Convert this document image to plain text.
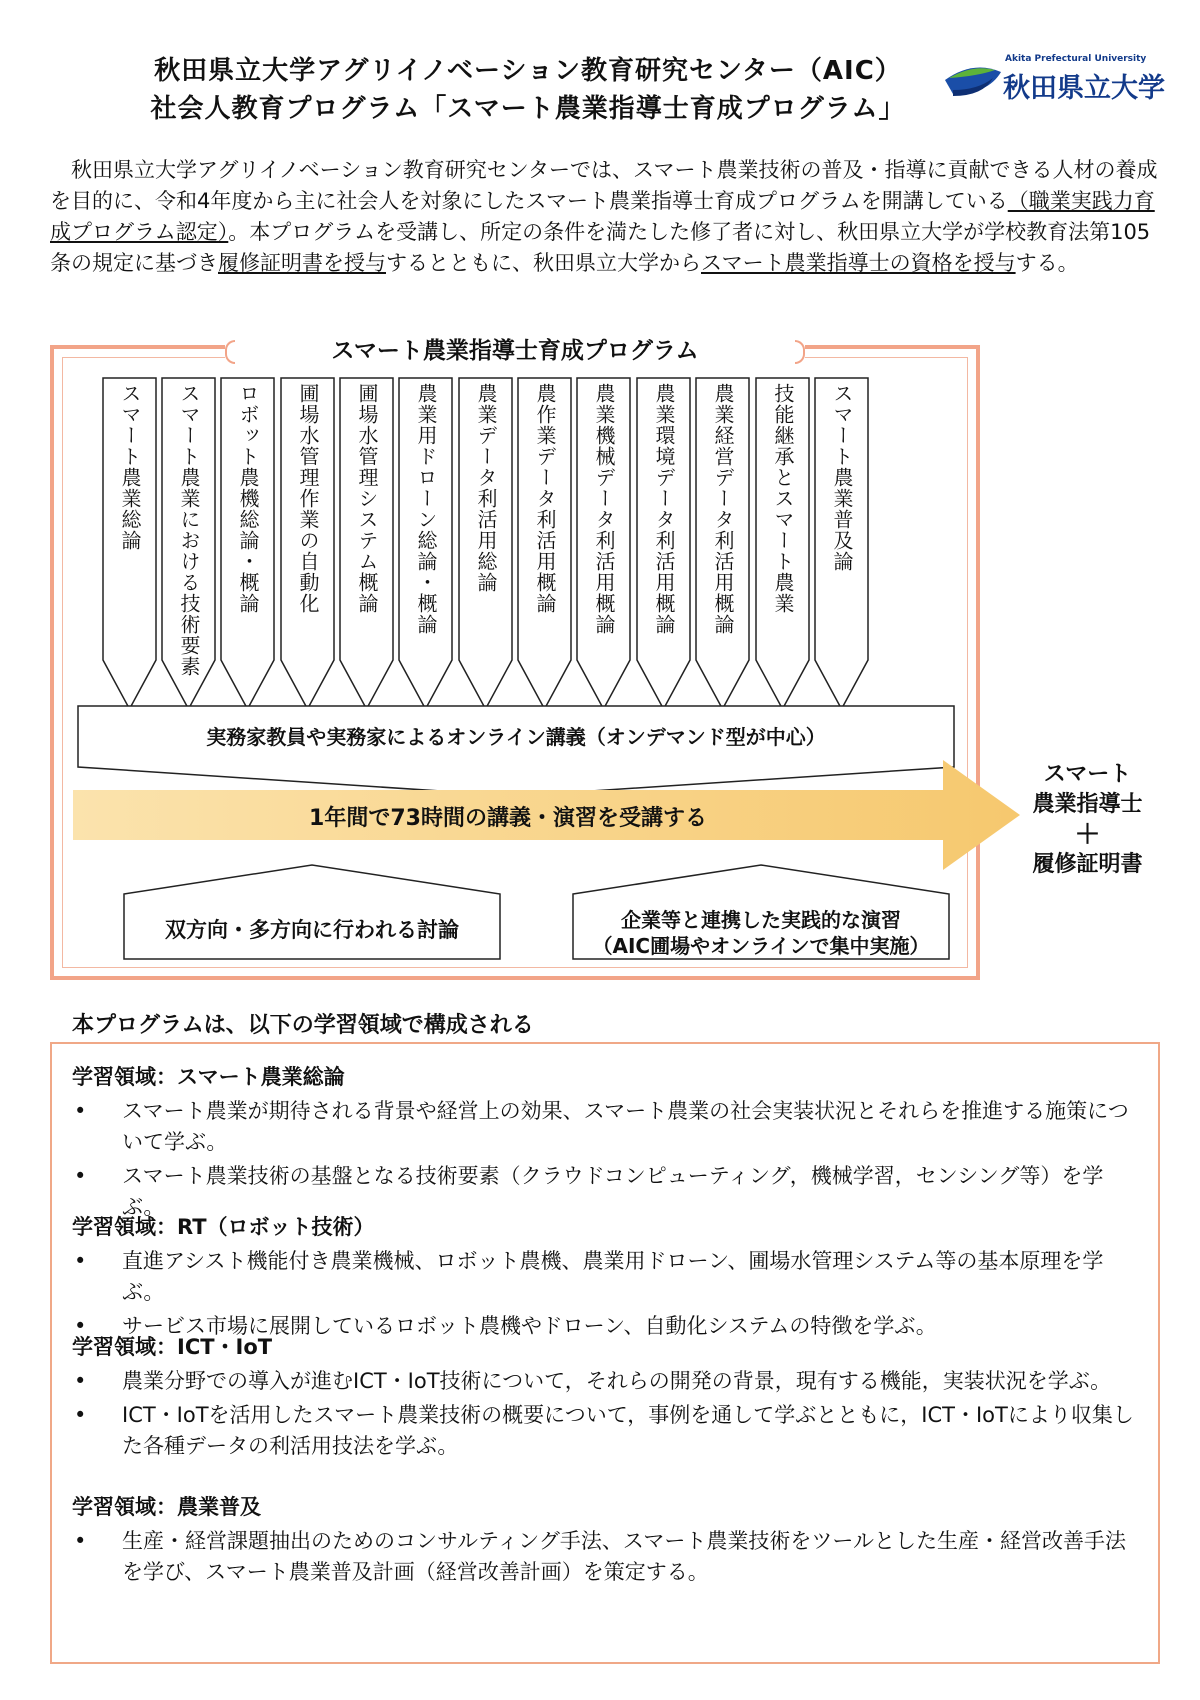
秋田県立大学アグリイノベーション教育研究センター（AIC）
社会人教育プログラム「スマート農業指導士育成プログラム」
Akita Prefectural University
秋田県立大学
秋田県立大学アグリイノベーション教育研究センターでは、スマート農業技術の普及・指導に貢献できる人材の養成を目的に、令和4年度から主に社会人を対象にしたスマート農業指導士育成プログラムを開講している（職業実践力育成プログラム認定）。本プログラムを受講し、所定の条件を満たした修了者に対し、秋田県立大学が学校教育法第105 条の規定に基づき履修証明書を授与するとともに、秋田県立大学からスマート農業指導士の資格を授与する。
スマート農業指導士育成プログラム
スマート農業総論	スマート農業における技術要素	ロボット農機総論・概論	圃場水管理作業の自動化	圃場水管理システム概論	農業用ドローン総論・概論	農業データ利活用総論	農作業データ利活用概論	農業機械データ利活用概論	農業環境データ利活用概論	農業経営データ利活用概論	技能継承とスマート農業	スマート農業普及論
実務家教員や実務家によるオンライン講義（オンデマンド型が中心）
1年間で73時間の講義・演習を受講する
スマート
農業指導士
＋
履修証明書
双方向・多方向に行われる討論	企業等と連携した実践的な演習
（AIC圃場やオンラインで集中実施）
本プログラムは、以下の学習領域で構成される
学習領域：スマート農業総論
• スマート農業が期待される背景や経営上の効果、スマート農業の社会実装状況とそれらを推進する施策について学ぶ。
• スマート農業技術の基盤となる技術要素（クラウドコンピューティング，機械学習，センシング等）を学ぶ。
学習領域：RT（ロボット技術）
• 直進アシスト機能付き農業機械、ロボット農機、農業用ドローン、圃場水管理システム等の基本原理を学ぶ。
• サービス市場に展開しているロボット農機やドローン、自動化システムの特徴を学ぶ。
学習領域：ICT・IoT
• 農業分野での導入が進むICT・IoT技術について，それらの開発の背景，現有する機能，実装状況を学ぶ。
• ICT・IoTを活用したスマート農業技術の概要について，事例を通して学ぶとともに，ICT・IoTにより収集した各種データの利活用技法を学ぶ。
学習領域：農業普及
• 生産・経営課題抽出のためのコンサルティング手法、スマート農業技術をツールとした生産・経営改善手法を学び、スマート農業普及計画（経営改善計画）を策定する。
